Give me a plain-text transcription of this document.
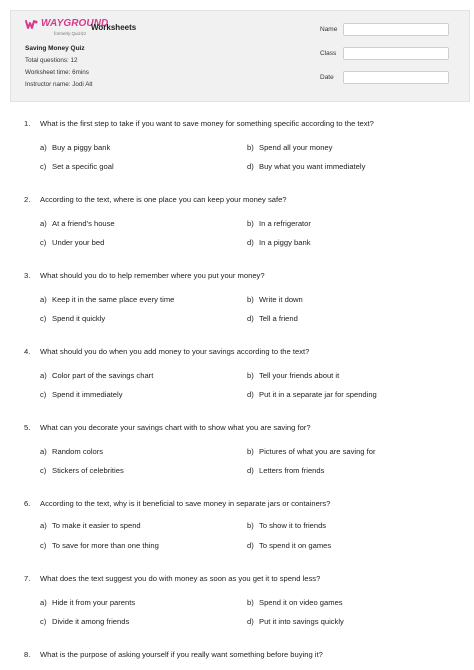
WAYGROUND
formerly Quizizz
Worksheets
Saving Money Quiz
Total questions: 12
Worksheet time: 6mins
Instructor name: Jodi Alt
Name
Class
Date
1. What is the first step to take if you want to save money for something specific according to the text?
a) Buy a piggy bank	b) Spend all your money
c) Set a specific goal	d) Buy what you want immediately
2. According to the text, where is one place you can keep your money safe?
a) At a friend's house	b) In a refrigerator
c) Under your bed	d) In a piggy bank
3. What should you do to help remember where you put your money?
a) Keep it in the same place every time	b) Write it down
c) Spend it quickly	d) Tell a friend
4. What should you do when you add money to your savings according to the text?
a) Color part of the savings chart	b) Tell your friends about it
c) Spend it immediately	d) Put it in a separate jar for spending
5. What can you decorate your savings chart with to show what you are saving for?
a) Random colors	b) Pictures of what you are saving for
c) Stickers of celebrities	d) Letters from friends
6. According to the text, why is it beneficial to save money in separate jars or containers?
a) To make it easier to spend	b) To show it to friends
c) To save for more than one thing	d) To spend it on games
7. What does the text suggest you do with money as soon as you get it to spend less?
a) Hide it from your parents	b) Spend it on video games
c) Divide it among friends	d) Put it into savings quickly
8. What is the purpose of asking yourself if you really want something before buying it?
